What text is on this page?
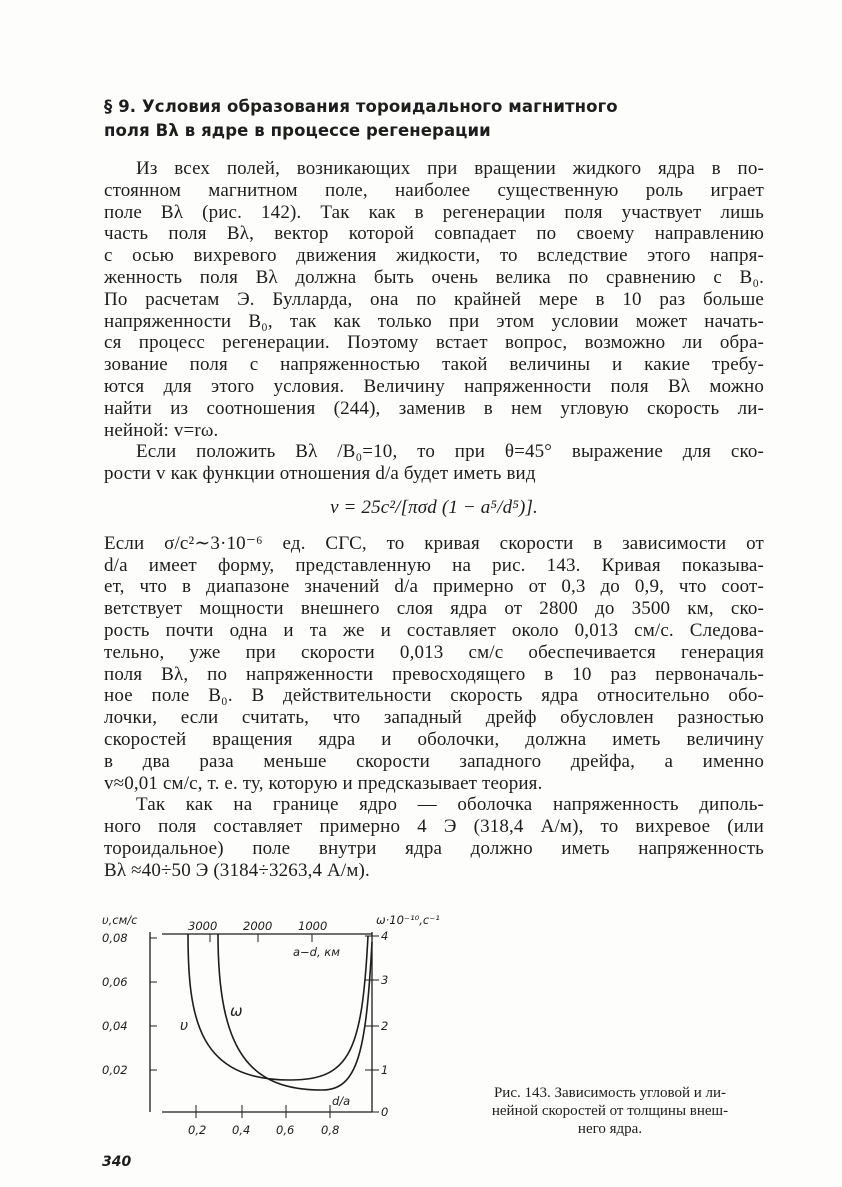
§ 9. Условия образования тороидального магнитного
поля Bλ в ядре в процессе регенерации
Из всех полей, возникающих при вращении жидкого ядра в по-
стоянном магнитном поле, наиболее существенную роль играет
поле Bλ (рис. 142). Так как в регенерации поля участвует лишь
часть поля Bλ, вектор которой совпадает по своему направлению
с осью вихревого движения жидкости, то вследствие этого напря-
женность поля Bλ должна быть очень велика по сравнению с B₀.
По расчетам Э. Булларда, она по крайней мере в 10 раз больше
напряженности B₀, так как только при этом условии может начать-
ся процесс регенерации. Поэтому встает вопрос, возможно ли обра-
зование поля с напряженностью такой величины и какие требу-
ются для этого условия. Величину напряженности поля Bλ можно
найти из соотношения (244), заменив в нем угловую скорость ли-
нейной: v=rω.
Если положить Bλ /B₀=10, то при θ=45° выражение для ско-
рости v как функции отношения d/a будет иметь вид
v = 25c²/[πσd (1 − a⁵/d⁵)].
Если σ/c²∼3·10⁻⁶ ед. СГС, то кривая скорости в зависимости от
d/a имеет форму, представленную на рис. 143. Кривая показыва-
ет, что в диапазоне значений d/a примерно от 0,3 до 0,9, что соот-
ветствует мощности внешнего слоя ядра от 2800 до 3500 км, ско-
рость почти одна и та же и составляет около 0,013 см/с. Следова-
тельно, уже при скорости 0,013 см/с обеспечивается генерация
поля Bλ, по напряженности превосходящего в 10 раз первоначаль-
ное поле B₀. В действительности скорость ядра относительно обо-
лочки, если считать, что западный дрейф обусловлен разностью
скоростей вращения ядра и оболочки, должна иметь величину
в два раза меньше скорости западного дрейфа, а именно
v≈0,01 см/с, т. е. ту, которую и предсказывает теория.
Так как на границе ядро — оболочка напряженность диполь-
ного поля составляет примерно 4 Э (318,4 А/м), то вихревое (или
тороидальное) поле внутри ядра должно иметь напряженность
Bλ ≈40÷50 Э (3184÷3263,4 А/м).
0,08
0,06
0,04
0,02
υ,см/с
4
3
2
1
0
ω·10⁻¹⁰,с⁻¹
3000 2000 1000
a−d, км
0,2 0,4 0,6 0,8
d/a
υ
ω
Рис. 143. Зависимость угловой и ли-
нейной скоростей от толщины внеш-
него ядра.
340
